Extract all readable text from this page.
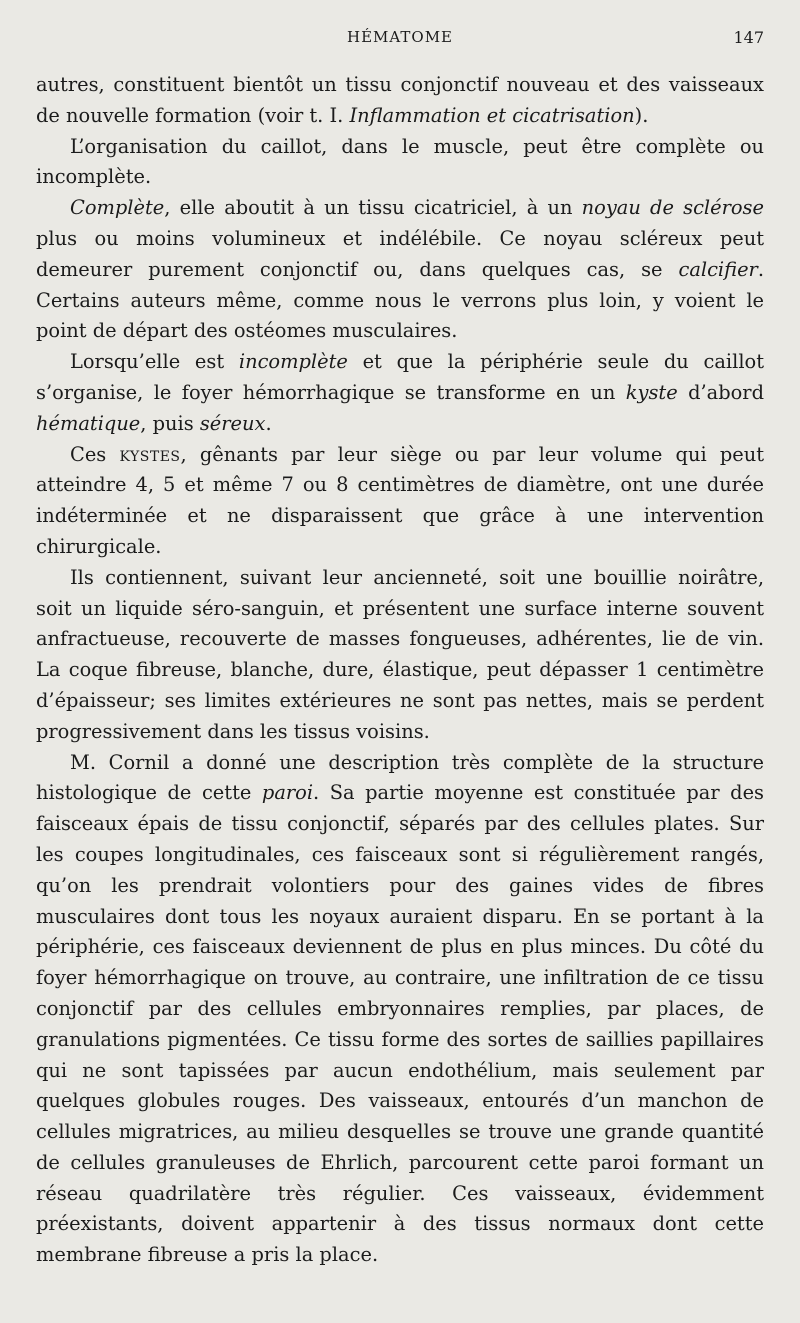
HÉMATOME	147

autres, constituent bientôt un tissu conjonctif nouveau et des vaisseaux de nouvelle formation (voir t. I. Inflammation et cicatrisation).

L’organisation du caillot, dans le muscle, peut être complète ou incomplète.

Complète, elle aboutit à un tissu cicatriciel, à un noyau de sclérose plus ou moins volumineux et indélébile. Ce noyau scléreux peut demeurer purement conjonctif ou, dans quelques cas, se calcifier. Certains auteurs même, comme nous le verrons plus loin, y voient le point de départ des ostéomes musculaires.

Lorsqu’elle est incomplète et que la périphérie seule du caillot s’organise, le foyer hémorrhagique se transforme en un kyste d’abord hématique, puis séreux.

Ces kystes, gênants par leur siège ou par leur volume qui peut atteindre 4, 5 et même 7 ou 8 centimètres de diamètre, ont une durée indéterminée et ne disparaissent que grâce à une intervention chirurgicale.

Ils contiennent, suivant leur ancienneté, soit une bouillie noirâtre, soit un liquide séro-sanguin, et présentent une surface interne souvent anfractueuse, recouverte de masses fongueuses, adhérentes, lie de vin. La coque fibreuse, blanche, dure, élastique, peut dépasser 1 centimètre d’épaisseur; ses limites extérieures ne sont pas nettes, mais se perdent progressivement dans les tissus voisins.

M. Cornil a donné une description très complète de la structure histologique de cette paroi. Sa partie moyenne est constituée par des faisceaux épais de tissu conjonctif, séparés par des cellules plates. Sur les coupes longitudinales, ces faisceaux sont si régulièrement rangés, qu’on les prendrait volontiers pour des gaines vides de fibres musculaires dont tous les noyaux auraient disparu. En se portant à la périphérie, ces faisceaux deviennent de plus en plus minces. Du côté du foyer hémorrhagique on trouve, au contraire, une infiltration de ce tissu conjonctif par des cellules embryonnaires remplies, par places, de granulations pigmentées. Ce tissu forme des sortes de saillies papillaires qui ne sont tapissées par aucun endothélium, mais seulement par quelques globules rouges. Des vaisseaux, entourés d’un manchon de cellules migratrices, au milieu desquelles se trouve une grande quantité de cellules granuleuses de Ehrlich, parcourent cette paroi formant un réseau quadrilatère très régulier. Ces vaisseaux, évidemment préexistants, doivent appartenir à des tissus normaux dont cette membrane fibreuse a pris la place.
